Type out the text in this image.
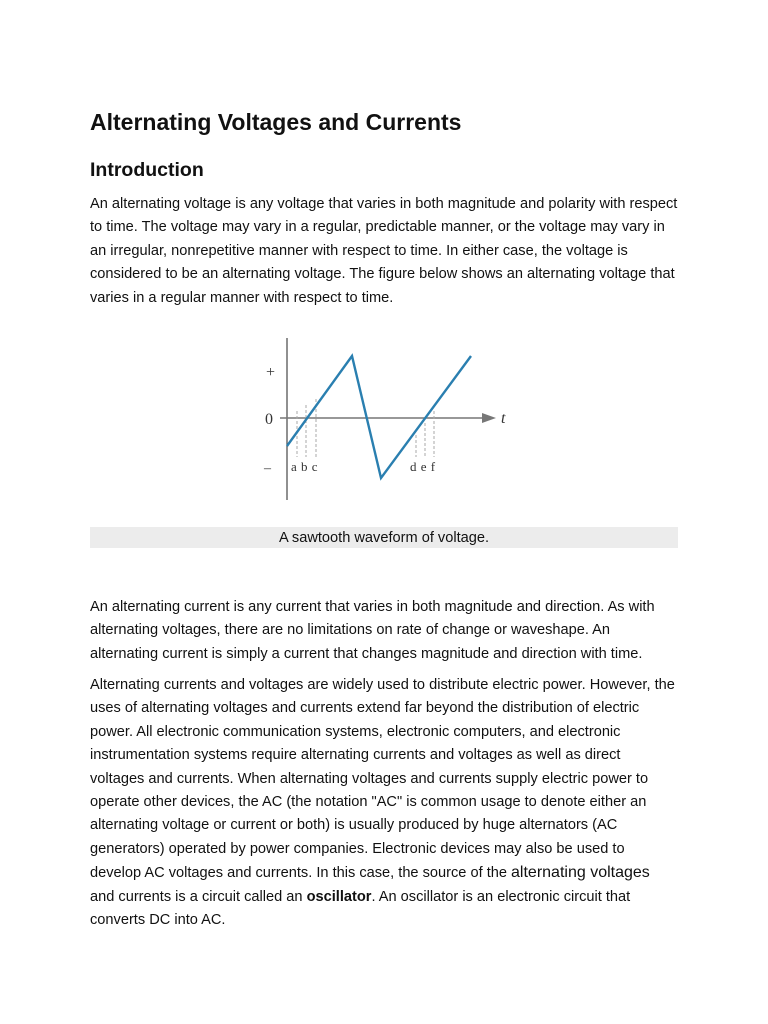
Alternating Voltages and Currents
Introduction

An alternating voltage is any voltage that varies in both magnitude and polarity with respect to time. The voltage may vary in a regular, predictable manner, or the voltage may vary in an irregular, nonrepetitive manner with respect to time. In either case, the voltage is considered to be an alternating voltage. The figure below shows an alternating voltage that varies in a regular manner with respect to time.

+
0
–
t
a b c	d e f
A sawtooth waveform of voltage.

An alternating current is any current that varies in both magnitude and direction. As with alternating voltages, there are no limitations on rate of change or waveshape. An alternating current is simply a current that changes magnitude and direction with time.

Alternating currents and voltages are widely used to distribute electric power. However, the uses of alternating voltages and currents extend far beyond the distribution of electric power. All electronic communication systems, electronic computers, and electronic instrumentation systems require alternating currents and voltages as well as direct voltages and currents. When alternating voltages and currents supply electric power to operate other devices, the AC (the notation "AC" is common usage to denote either an alternating voltage or current or both) is usually produced by huge alternators (AC generators) operated by power companies. Electronic devices may also be used to develop AC voltages and currents. In this case, the source of the alternating voltages and currents is a circuit called an oscillator. An oscillator is an electronic circuit that converts DC into AC.
